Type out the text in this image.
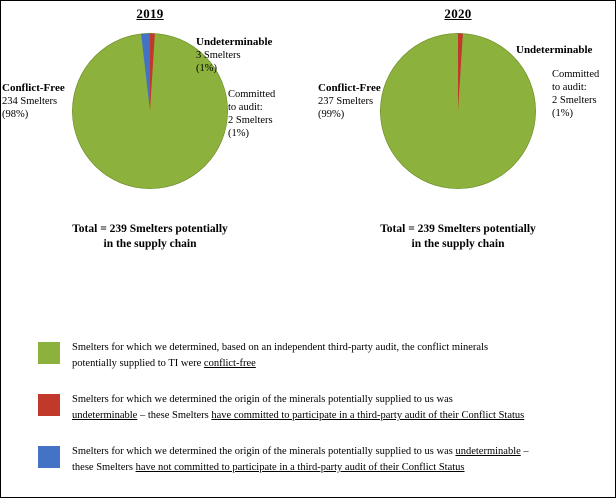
2019
Total = 239 Smelters potentially
in the supply chain
Conflict-Free
234 Smelters
(98%)
Undeterminable
3 Smelters
(1%)
Committed
to audit:
2 Smelters
(1%)
2020
Total = 239 Smelters potentially
in the supply chain
Conflict-Free
237 Smelters
(99%)
Undeterminable
Committed
to audit:
2 Smelters
(1%)
Smelters for which we determined, based on an independent third-party audit, the conflict minerals
potentially supplied to TI were conflict-free
Smelters for which we determined the origin of the minerals potentially supplied to us was
undeterminable – these Smelters have committed to participate in a third-party audit of their Conflict Status
Smelters for which we determined the origin of the minerals potentially supplied to us was undeterminable –
these Smelters have not committed to participate in a third-party audit of their Conflict Status
